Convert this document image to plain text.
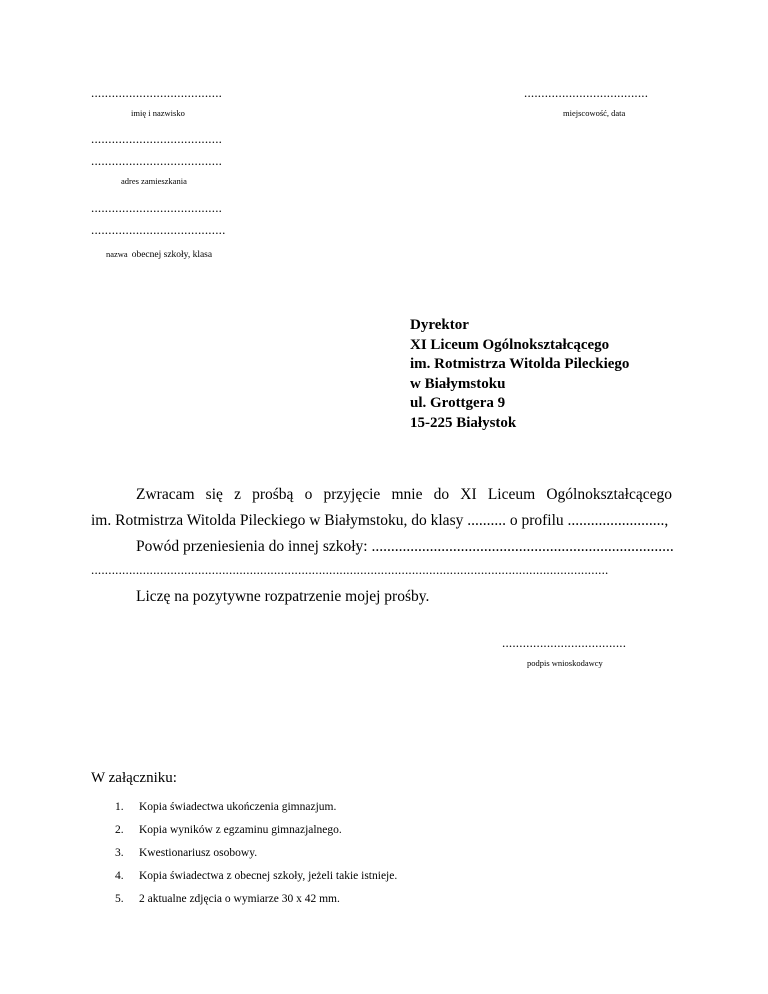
......................................
imię i nazwisko
....................................
miejscowość, data
......................................
......................................
adres zamieszkania
......................................
.......................................
nazwa obecnej szkoły, klasa
Dyrektor
XI Liceum Ogólnokształcącego
im. Rotmistrza Witolda Pileckiego
w Białymstoku
ul. Grottgera 9
15-225 Białystok
Zwracam się z prośbą o przyjęcie mnie do XI Liceum Ogólnokształcącego
im. Rotmistrza Witolda Pileckiego w Białymstoku, do klasy .......... o profilu .........................,
Powód przeniesienia do innej szkoły: ..............................................................................
......................................................................................................................................................
Liczę na pozytywne rozpatrzenie mojej prośby.
....................................
podpis wnioskodawcy
W załączniku:
1. Kopia świadectwa ukończenia gimnazjum.
2. Kopia wyników z egzaminu gimnazjalnego.
3. Kwestionariusz osobowy.
4. Kopia świadectwa z obecnej szkoły, jeżeli takie istnieje.
5. 2 aktualne zdjęcia o wymiarze 30 x 42 mm.
